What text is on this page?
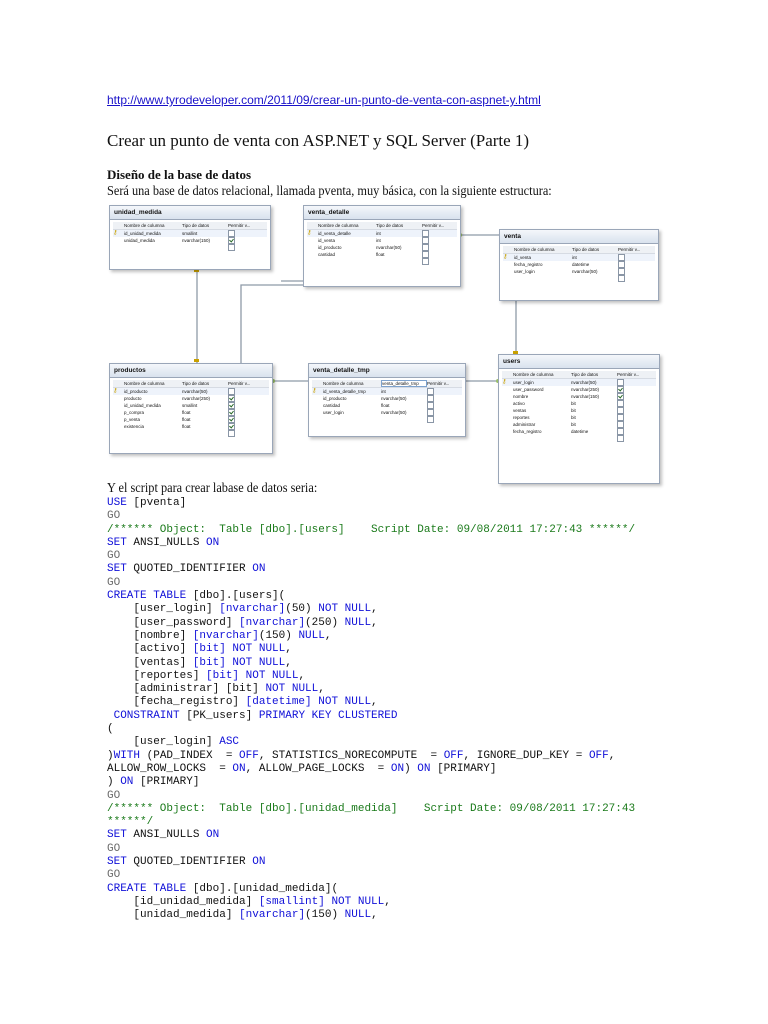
http://www.tyrodeveloper.com/2011/09/crear-un-punto-de-venta-con-aspnet-y.html
Crear un punto de venta con ASP.NET y SQL Server (Parte 1)
Diseño de la base de datos

Será una base de datos relacional, llamada pventa, muy básica, con la siguiente estructura:

unidad_medida
Nombre de columna	Tipo de datos	Permitir v...
⚷	id_unidad_medida	smallint
unidad_medida	nvarchar(150)
venta_detalle
Nombre de columna	Tipo de datos	Permitir v...
⚷	id_venta_detalle	int
id_venta	int
id_producto	nvarchar(50)
cantidad	float
venta
Nombre de columna	Tipo de datos	Permitir v...
⚷	id_venta	int
fecha_registro	datetime
user_login	nvarchar(50)
productos
Nombre de columna	Tipo de datos	Permitir v...
⚷	id_producto	nvarchar(50)
producto	nvarchar(250)
id_unidad_medida	smallint
p_compra	float
p_venta	float
existencia	float
venta_detalle_tmp
Nombre de columna	venta_detalle_tmp	Permitir v...
⚷	id_venta_detalle_tmp	int
id_producto	nvarchar(50)
cantidad	float
user_login	nvarchar(50)
users
Nombre de columna	Tipo de datos	Permitir v...
⚷	user_login	nvarchar(50)
user_password	nvarchar(250)
nombre	nvarchar(150)
activo	bit
ventas	bit
reportes	bit
administrar	bit
fecha_registro	datetime

Y el script para crear labase de datos seria:

USE [pventa]
GO
/****** Object:  Table [dbo].[users]    Script Date: 09/08/2011 17:27:43 ******/
SET ANSI_NULLS ON
GO
SET QUOTED_IDENTIFIER ON
GO
CREATE TABLE [dbo].[users](
[user_login] [nvarchar](50) NOT NULL,
[user_password] [nvarchar](250) NULL,
[nombre] [nvarchar](150) NULL,
[activo] [bit] NOT NULL,
[ventas] [bit] NOT NULL,
[reportes] [bit] NOT NULL,
[administrar] [bit] NOT NULL,
[fecha_registro] [datetime] NOT NULL,
CONSTRAINT [PK_users] PRIMARY KEY CLUSTERED
(
[user_login] ASC
)WITH (PAD_INDEX  = OFF, STATISTICS_NORECOMPUTE  = OFF, IGNORE_DUP_KEY = OFF,
ALLOW_ROW_LOCKS  = ON, ALLOW_PAGE_LOCKS  = ON) ON [PRIMARY]
) ON [PRIMARY]
GO
/****** Object:  Table [dbo].[unidad_medida]    Script Date: 09/08/2011 17:27:43
******/
SET ANSI_NULLS ON
GO
SET QUOTED_IDENTIFIER ON
GO
CREATE TABLE [dbo].[unidad_medida](
[id_unidad_medida] [smallint] NOT NULL,
[unidad_medida] [nvarchar](150) NULL,
